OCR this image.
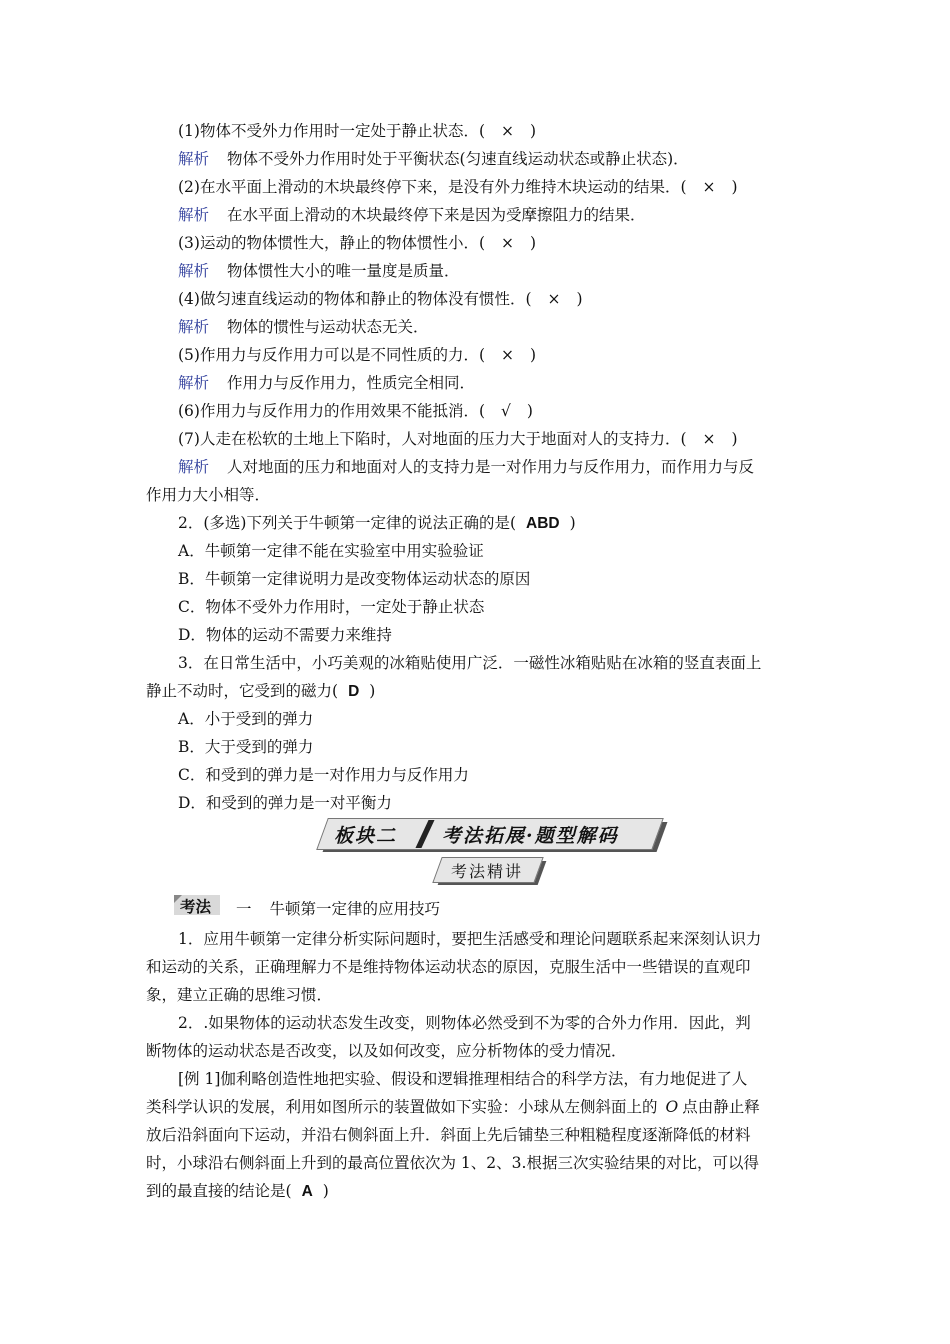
(1)物体不受外力作用时一定处于静止状态．( × )
解析 物体不受外力作用时处于平衡状态(匀速直线运动状态或静止状态)．
(2)在水平面上滑动的木块最终停下来，是没有外力维持木块运动的结果．( × )
解析 在水平面上滑动的木块最终停下来是因为受摩擦阻力的结果．
(3)运动的物体惯性大，静止的物体惯性小．( × )
解析 物体惯性大小的唯一量度是质量．
(4)做匀速直线运动的物体和静止的物体没有惯性．( × )
解析 物体的惯性与运动状态无关．
(5)作用力与反作用力可以是不同性质的力．( × )
解析 作用力与反作用力，性质完全相同．
(6)作用力与反作用力的作用效果不能抵消．( √ )
(7)人走在松软的土地上下陷时，人对地面的压力大于地面对人的支持力．( × )
解析 人对地面的压力和地面对人的支持力是一对作用力与反作用力，而作用力与反
作用力大小相等．
2．(多选)下列关于牛顿第一定律的说法正确的是( ABD )
A．牛顿第一定律不能在实验室中用实验验证
B．牛顿第一定律说明力是改变物体运动状态的原因
C．物体不受外力作用时，一定处于静止状态
D．物体的运动不需要力来维持
3．在日常生活中，小巧美观的冰箱贴使用广泛．一磁性冰箱贴贴在冰箱的竖直表面上
静止不动时，它受到的磁力( D )
A．小于受到的弹力
B．大于受到的弹力
C．和受到的弹力是一对作用力与反作用力
D．和受到的弹力是一对平衡力
板块二 考法拓展·题型解码
考法精讲
考法 一 牛顿第一定律的应用技巧
1．应用牛顿第一定律分析实际问题时，要把生活感受和理论问题联系起来深刻认识力
和运动的关系，正确理解力不是维持物体运动状态的原因，克服生活中一些错误的直观印
象，建立正确的思维习惯．
2．.如果物体的运动状态发生改变，则物体必然受到不为零的合外力作用．因此，判
断物体的运动状态是否改变，以及如何改变，应分析物体的受力情况．
[例 1]伽利略创造性地把实验、假设和逻辑推理相结合的科学方法，有力地促进了人
类科学认识的发展，利用如图所示的装置做如下实验：小球从左侧斜面上的 O 点由静止释
放后沿斜面向下运动，并沿右侧斜面上升．斜面上先后铺垫三种粗糙程度逐渐降低的材料
时，小球沿右侧斜面上升到的最高位置依次为 1、2、3.根据三次实验结果的对比，可以得
到的最直接的结论是( A )
